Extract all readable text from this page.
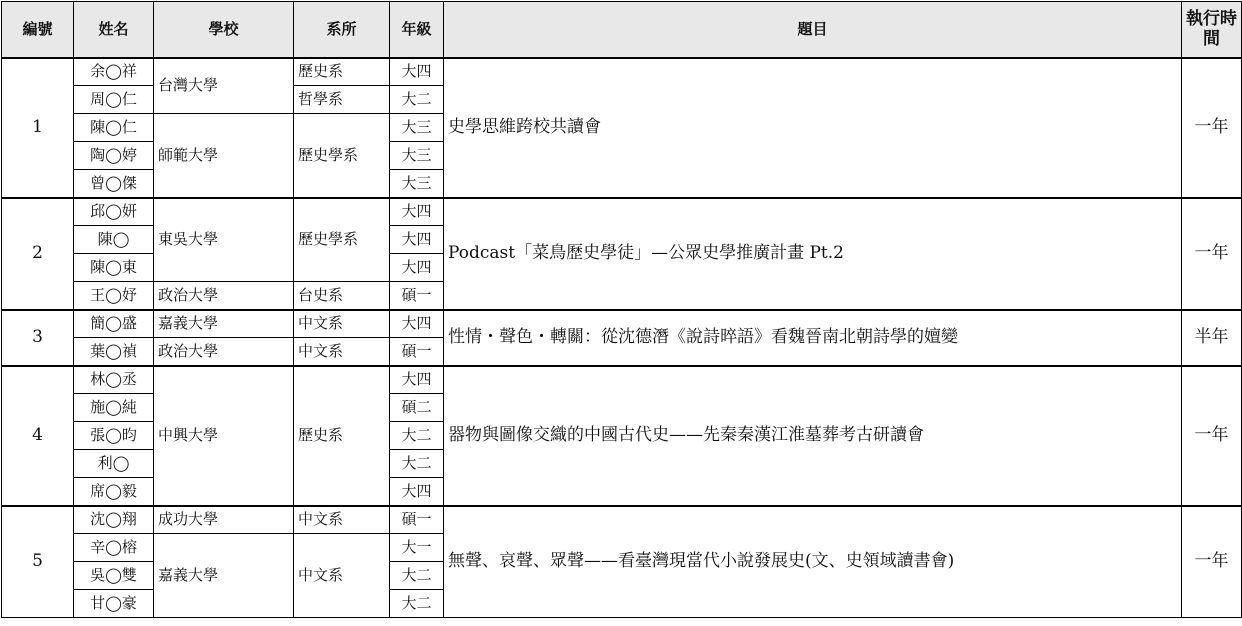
編號	姓名	學校	系所	年級	題目	執行時間
1	余◯祥	台灣大學	歷史系	大四	史學思維跨校共讀會	一年
	周◯仁		哲學系	大二		
	陳◯仁	師範大學	歷史學系	大三		
	陶◯婷			大三		
	曾◯傑			大三		
2	邱◯妍	東吳大學	歷史學系	大四	Podcast「菜鳥歷史學徒」—公眾史學推廣計畫 Pt.2	一年
	陳◯			大四		
	陳◯東			大四		
	王◯妤	政治大學	台史系	碩一		
3	簡◯盛	嘉義大學	中文系	大四	性情・聲色・轉關：從沈德潛《說詩晬語》看魏晉南北朝詩學的嬗變	半年
	葉◯禎	政治大學	中文系	碩一		
4	林◯丞	中興大學	歷史系	大四	器物與圖像交織的中國古代史——先秦秦漢江淮墓葬考古研讀會	一年
	施◯純			碩二		
	張◯昀			大二		
	利◯			大二		
	席◯毅			大四		
5	沈◯翔	成功大學	中文系	碩一	無聲、哀聲、眾聲——看臺灣現當代小說發展史(文、史領域讀書會)	一年
	辛◯榕	嘉義大學	中文系	大一		
	吳◯雙			大二		
	甘◯豪			大二		
